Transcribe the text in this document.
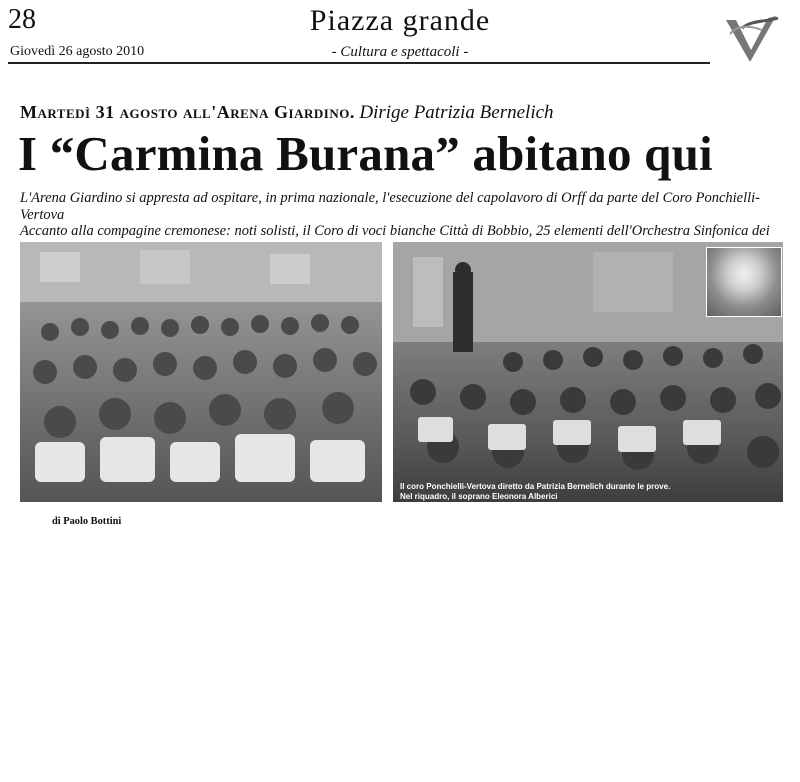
28
Giovedì 26 agosto 2010
Piazza grande
- Cultura e spettacoli -
Martedì 31 agosto all'Arena Giardino. Dirige Patrizia Bernelich
I “Carmina Burana” abitano qui
L'Arena Giardino si appresta ad ospitare, in prima nazionale, l'esecuzione del capolavoro di Orff da parte del Coro Ponchielli-Vertova
Accanto alla compagine cremonese: noti solisti, il Coro di voci bianche Città di Bobbio, 25 elementi dell'Orchestra Sinfonica dei
Il coro Ponchielli-Vertova diretto da Patrizia Bernelich durante le prove.
Nel riquadro, il soprano Eleonora Alberici
di Paolo Bottini
